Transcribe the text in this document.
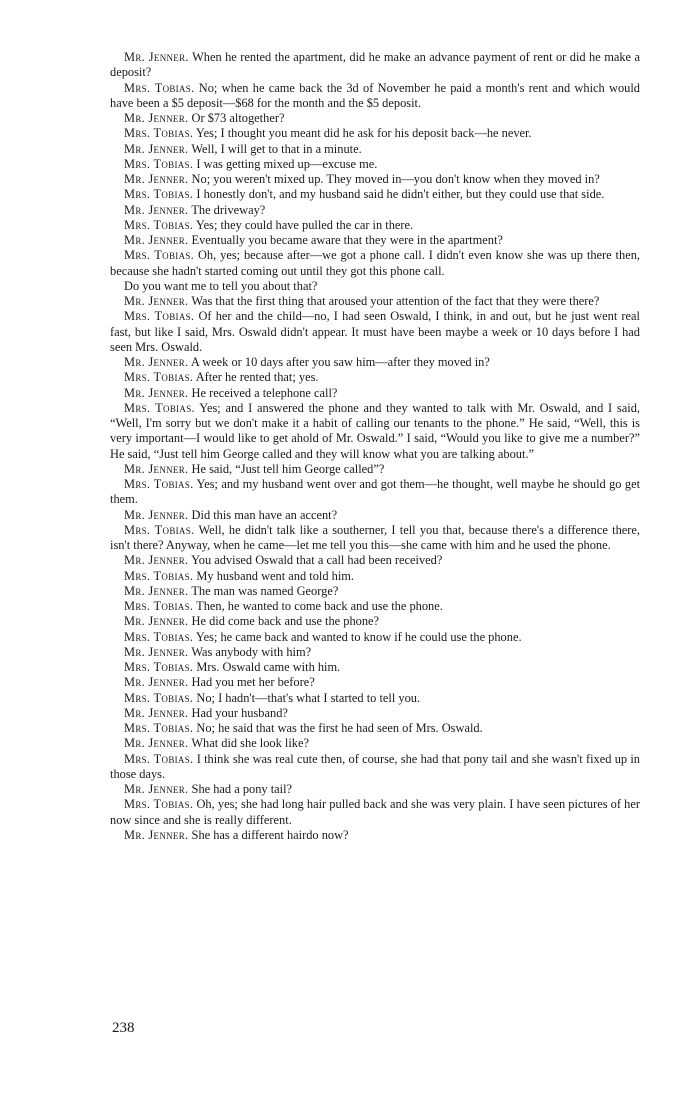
Mr. Jenner. When he rented the apartment, did he make an advance payment of rent or did he make a deposit?

Mrs. Tobias. No; when he came back the 3d of November he paid a month's rent and which would have been a $5 deposit—$68 for the month and the $5 deposit.

Mr. Jenner. Or $73 altogether?

Mrs. Tobias. Yes; I thought you meant did he ask for his deposit back—he never.

Mr. Jenner. Well, I will get to that in a minute.

Mrs. Tobias. I was getting mixed up—excuse me.

Mr. Jenner. No; you weren't mixed up. They moved in—you don't know when they moved in?

Mrs. Tobias. I honestly don't, and my husband said he didn't either, but they could use that side.

Mr. Jenner. The driveway?

Mrs. Tobias. Yes; they could have pulled the car in there.

Mr. Jenner. Eventually you became aware that they were in the apartment?

Mrs. Tobias. Oh, yes; because after—we got a phone call. I didn't even know she was up there then, because she hadn't started coming out until they got this phone call.

Do you want me to tell you about that?

Mr. Jenner. Was that the first thing that aroused your attention of the fact that they were there?

Mrs. Tobias. Of her and the child—no, I had seen Oswald, I think, in and out, but he just went real fast, but like I said, Mrs. Oswald didn't appear. It must have been maybe a week or 10 days before I had seen Mrs. Oswald.

Mr. Jenner. A week or 10 days after you saw him—after they moved in?

Mrs. Tobias. After he rented that; yes.

Mr. Jenner. He received a telephone call?

Mrs. Tobias. Yes; and I answered the phone and they wanted to talk with Mr. Oswald, and I said, “Well, I'm sorry but we don't make it a habit of calling our tenants to the phone.” He said, “Well, this is very important—I would like to get ahold of Mr. Oswald.” I said, “Would you like to give me a number?” He said, “Just tell him George called and they will know what you are talking about.”

Mr. Jenner. He said, “Just tell him George called”?

Mrs. Tobias. Yes; and my husband went over and got them—he thought, well maybe he should go get them.

Mr. Jenner. Did this man have an accent?

Mrs. Tobias. Well, he didn't talk like a southerner, I tell you that, because there's a difference there, isn't there? Anyway, when he came—let me tell you this—she came with him and he used the phone.

Mr. Jenner. You advised Oswald that a call had been received?

Mrs. Tobias. My husband went and told him.

Mr. Jenner. The man was named George?

Mrs. Tobias. Then, he wanted to come back and use the phone.

Mr. Jenner. He did come back and use the phone?

Mrs. Tobias. Yes; he came back and wanted to know if he could use the phone.

Mr. Jenner. Was anybody with him?

Mrs. Tobias. Mrs. Oswald came with him.

Mr. Jenner. Had you met her before?

Mrs. Tobias. No; I hadn't—that's what I started to tell you.

Mr. Jenner. Had your husband?

Mrs. Tobias. No; he said that was the first he had seen of Mrs. Oswald.

Mr. Jenner. What did she look like?

Mrs. Tobias. I think she was real cute then, of course, she had that pony tail and she wasn't fixed up in those days.

Mr. Jenner. She had a pony tail?

Mrs. Tobias. Oh, yes; she had long hair pulled back and she was very plain. I have seen pictures of her now since and she is really different.

Mr. Jenner. She has a different hairdo now?

238
